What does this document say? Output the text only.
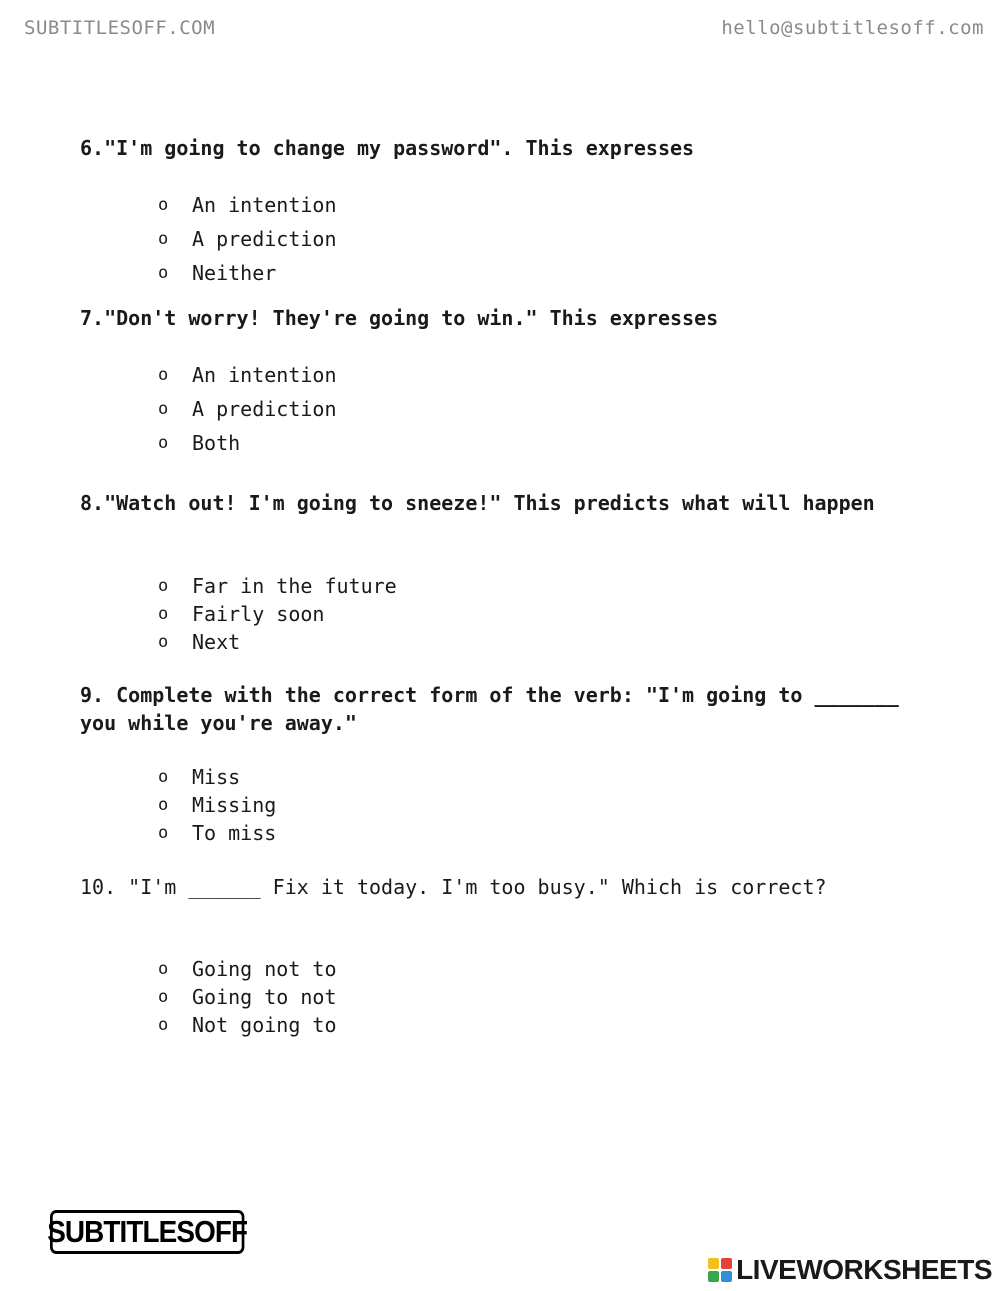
SUBTITLESOFF.COM	hello@subtitlesoff.com
6."I'm going to change my password". This expresses
o	An intention
o	A prediction
o	Neither
7."Don't worry! They're going to win." This expresses
o	An intention
o	A prediction
o	Both
8."Watch out! I'm going to sneeze!" This predicts what will happen
o	Far in the future
o	Fairly soon
o	Next
9. Complete with the correct form of the verb: "I'm going to _______ you while you're away."
o	Miss
o	Missing
o	To miss
10. "I'm ______ Fix it today. I'm too busy." Which is correct?
o	Going not to
o	Going to not
o	Not going to
SUBTITLESOFF
LIVEWORKSHEETS
